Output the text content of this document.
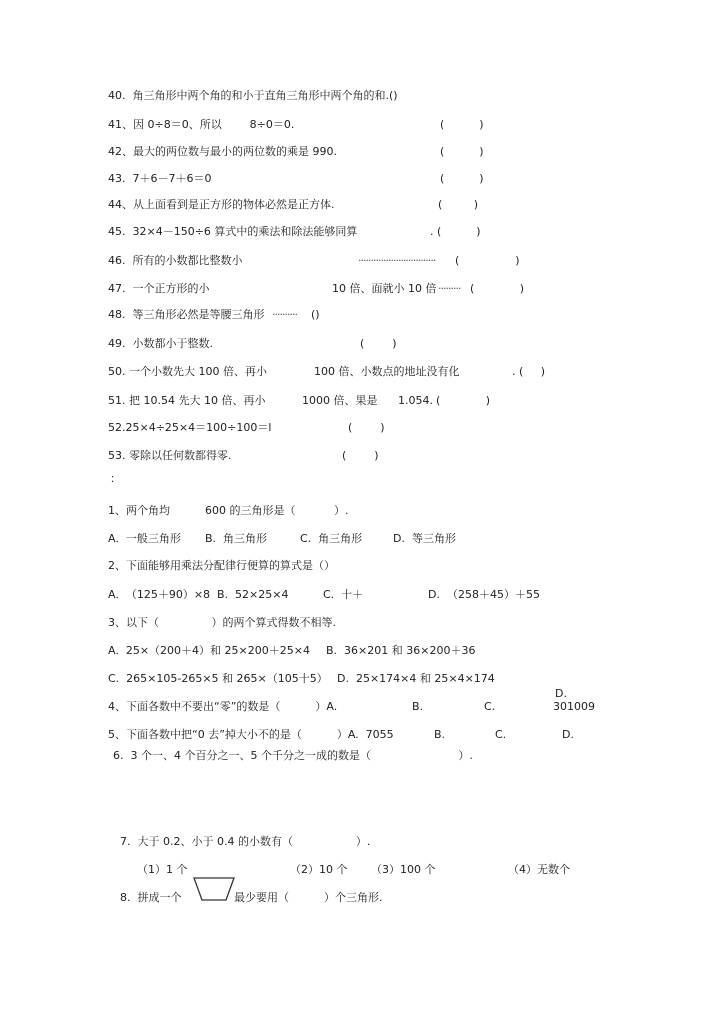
40.  角三角形中两个角的和小于直角三角形中两个角的和.()
41、因 0÷8＝0、所以        8÷0＝0.	(          )
42、最大的两位数与最小的两位数的乘是 990.	(          )
43.  7＋6－7＋6＝0	(          )
44、从上面看到是正方形的物体必然是正方体.	(         )
45.  32×4－150÷6 算式中的乘法和除法能够同算	. (          )
46.  所有的小数都比整数小	······························· (                )
47.  一个正方形的小	10 倍、面就小 10 倍 ········· (             )
48.  等三角形必然是等腰三角形 ·········· ()
49.  小数都小于整数.	(        )
50. 一个小数先大 100 倍、再小	100 倍、小数点的地址没有化	. (     )
51. 把 10.54 先大 10 倍、再小	1000 倍、果是 1.054. (             )
52.25×4÷25×4＝100÷100＝l	(        )
53. 零除以任何数都得零.	(        )
：
1、两个角均	600 的三角形是（           ）.
A.  一般三角形 B.  角三角形	C.  角三角形	D.  等三角形
2、下面能够用乘法分配律行便算的算式是（）
A.  （125＋90）×8  B.  52×25×4	C.  十＋	D.  （258＋45）＋55
3、以下（               ）的两个算式得数不相等.
A.  25×（200＋4）和 25×200＋25×4 B.  36×201 和 36×200＋36
C.  265×105-265×5 和 265×（105十5） D.  25×174×4 和 25×4×174
D.
4、下面各数中不要出“零”的数是（          ）A.	B.	C.	301009
5、下面各数中把“0 去”掉大小不的是（          ）A.  7055	B.	C.	D.
6.  3 个一、4 个百分之一、5 个千分之一成的数是（                         ）.
7.  大于 0.2、小于 0.4 的小数有（                  ）.
（1）1 个	（2）10 个 （3）100 个	（4）无数个
8.  拼成一个	最少要用（          ）个三角形.
